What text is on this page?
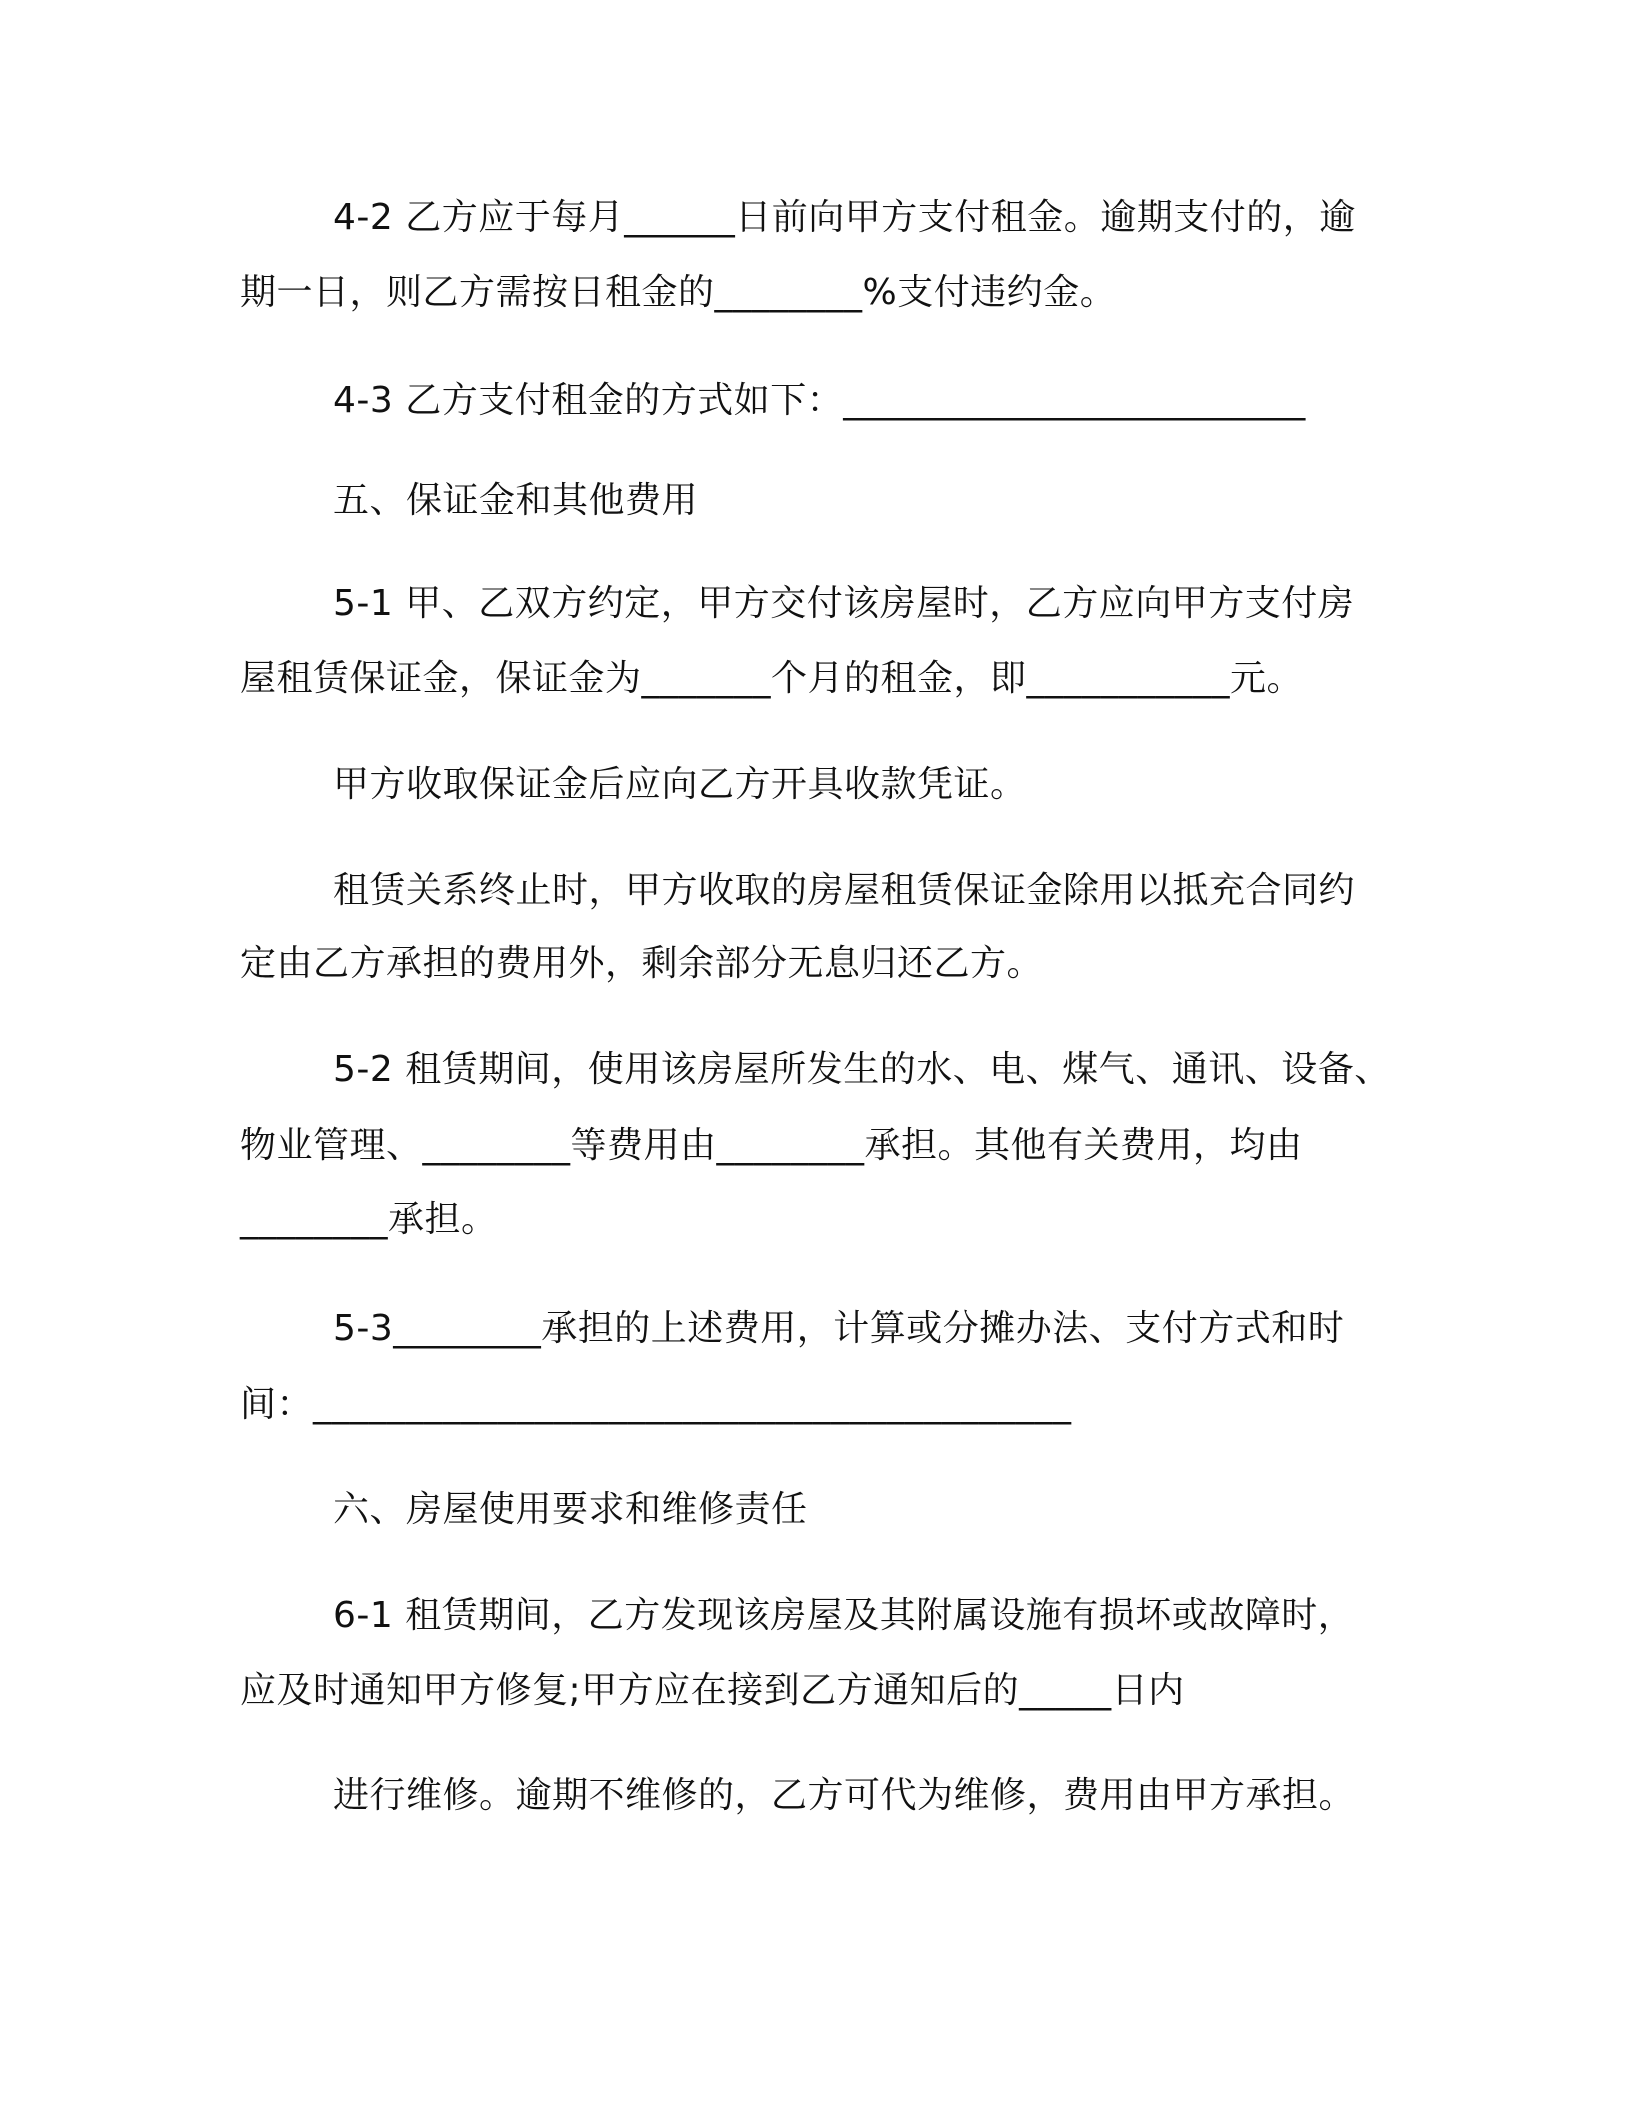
4-2 乙方应于每月______日前向甲方支付租金。逾期支付的，逾

期一日，则乙方需按日租金的________%支付违约金。

4-3 乙方支付租金的方式如下：_________________________

五、保证金和其他费用

5-1 甲、乙双方约定，甲方交付该房屋时，乙方应向甲方支付房

屋租赁保证金，保证金为_______个月的租金，即___________元。

甲方收取保证金后应向乙方开具收款凭证。

租赁关系终止时，甲方收取的房屋租赁保证金除用以抵充合同约

定由乙方承担的费用外，剩余部分无息归还乙方。

5-2 租赁期间，使用该房屋所发生的水、电、煤气、通讯、设备、

物业管理、________等费用由________承担。其他有关费用，均由

________承担。

5-3________承担的上述费用，计算或分摊办法、支付方式和时

间：_________________________________________

六、房屋使用要求和维修责任

6-1 租赁期间，乙方发现该房屋及其附属设施有损坏或故障时，

应及时通知甲方修复;甲方应在接到乙方通知后的_____日内

进行维修。逾期不维修的，乙方可代为维修，费用由甲方承担。
